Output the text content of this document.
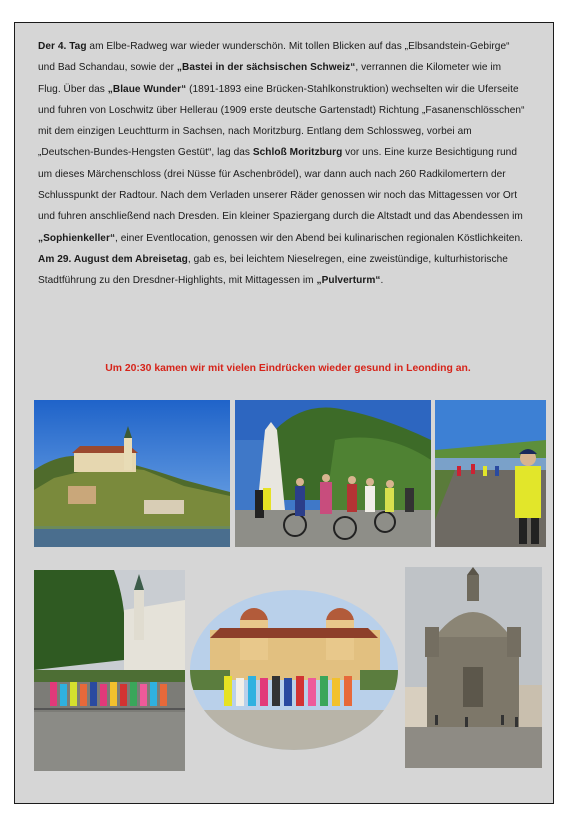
Der 4. Tag am Elbe-Radweg war wieder wunderschön. Mit tollen Blicken auf das „Elbsandstein-Gebirge“ und Bad Schandau, sowie der „Bastei in der sächsischen Schweiz“, verrannen die Kilometer wie im Flug. Über das „Blaue Wunder“ (1891-1893 eine Brücken-Stahlkonstruktion) wechselten wir die Uferseite und fuhren von Loschwitz über Hellerau (1909 erste deutsche Gartenstadt) Richtung „Fasanenschlösschen“ mit dem einzigen Leuchtturm in Sachsen, nach Moritzburg. Entlang dem Schlossweg, vorbei am „Deutschen-Bundes-Hengsten Gestüt“, lag das Schloß Moritzburg vor uns. Eine kurze Besichtigung rund um dieses Märchenschloss (drei Nüsse für Aschenbrödel), war dann auch nach 260 Radkilomertern der Schlusspunkt der Radtour. Nach dem Verladen unserer Räder genossen wir noch das Mittagessen vor Ort und fuhren anschließend nach Dresden. Ein kleiner Spaziergang durch die Altstadt und das Abendessen im „Sophienkeller“, einer Eventlocation, genossen wir den Abend bei kulinarischen regionalen Köstlichkeiten.

Am 29. August dem Abreisetag, gab es, bei leichtem Nieselregen, eine zweistündige, kulturhistorische Stadtführung zu den Dresdner-Highlights, mit Mittagessen im „Pulverturm“.

Um 20:30 kamen wir mit vielen Eindrücken wieder gesund in Leonding an.
